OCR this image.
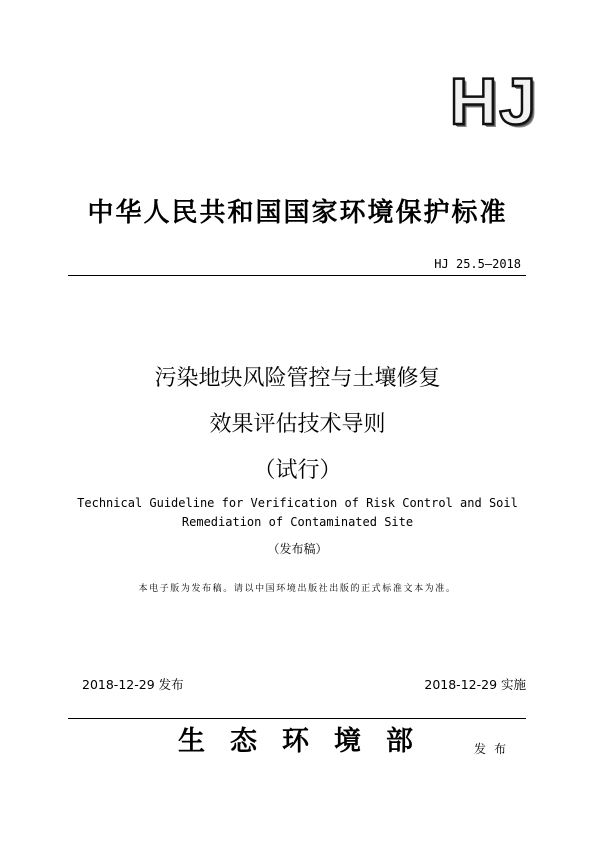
HJ
中华人民共和国国家环境保护标准
HJ 25.5—2018
污染地块风险管控与土壤修复
效果评估技术导则
（试行）
Technical Guideline for Verification of Risk Control and Soil
Remediation of Contaminated Site
（发布稿）
本电子版为发布稿。请以中国环境出版社出版的正式标准文本为准。
2018-12-29 发布	2018-12-29 实施
生态环境部	发布
